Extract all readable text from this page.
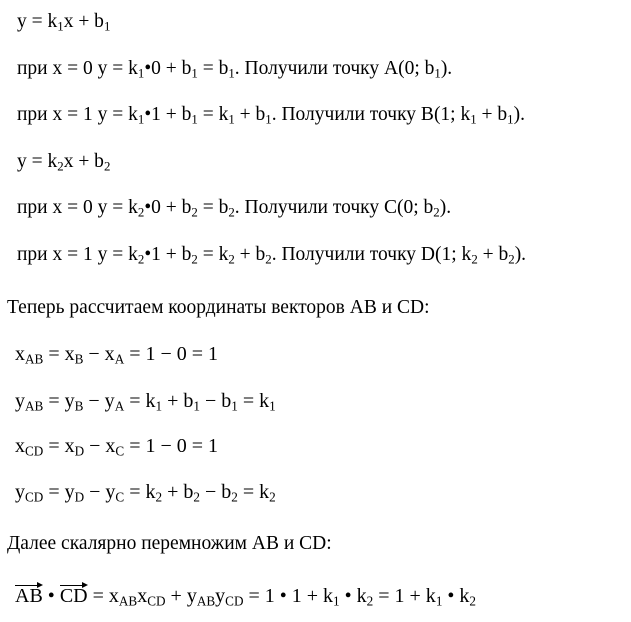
$y = k_1x + b_1$
при x = 0 $y = k_1•0 + b_1 = b_1$. Получили точку A(0; $b_1$).
при x = 1 $y = k_1•1 + b_1 = k_1 + b_1$. Получили точку B(1; $k_1 + b_1$).
$y = k_2x + b_2$
при x = 0 $y = k_2•0 + b_2 = b_2$. Получили точку C(0; $b_2$).
при x = 1 $y = k_2•1 + b_2 = k_2 + b_2$. Получили точку D(1; $k_2 + b_2$).
Теперь рассчитаем координаты векторов AB и CD:
$x_{AB} = x_B - x_A = 1 - 0 = 1$
$y_{AB} = y_B - y_A = k_1 + b_1 - b_1 = k_1$
$x_{CD} = x_D - x_C = 1 - 0 = 1$
$y_{CD} = y_D - y_C = k_2 + b_2 - b_2 = k_2$
Далее скалярно перемножим AB и CD:
AB • CD = $x_{AB}x_{CD} + y_{AB}y_{CD} = 1$ • $1 + k_1$ • $k_2 = 1 + k_1$ • $k_2$
